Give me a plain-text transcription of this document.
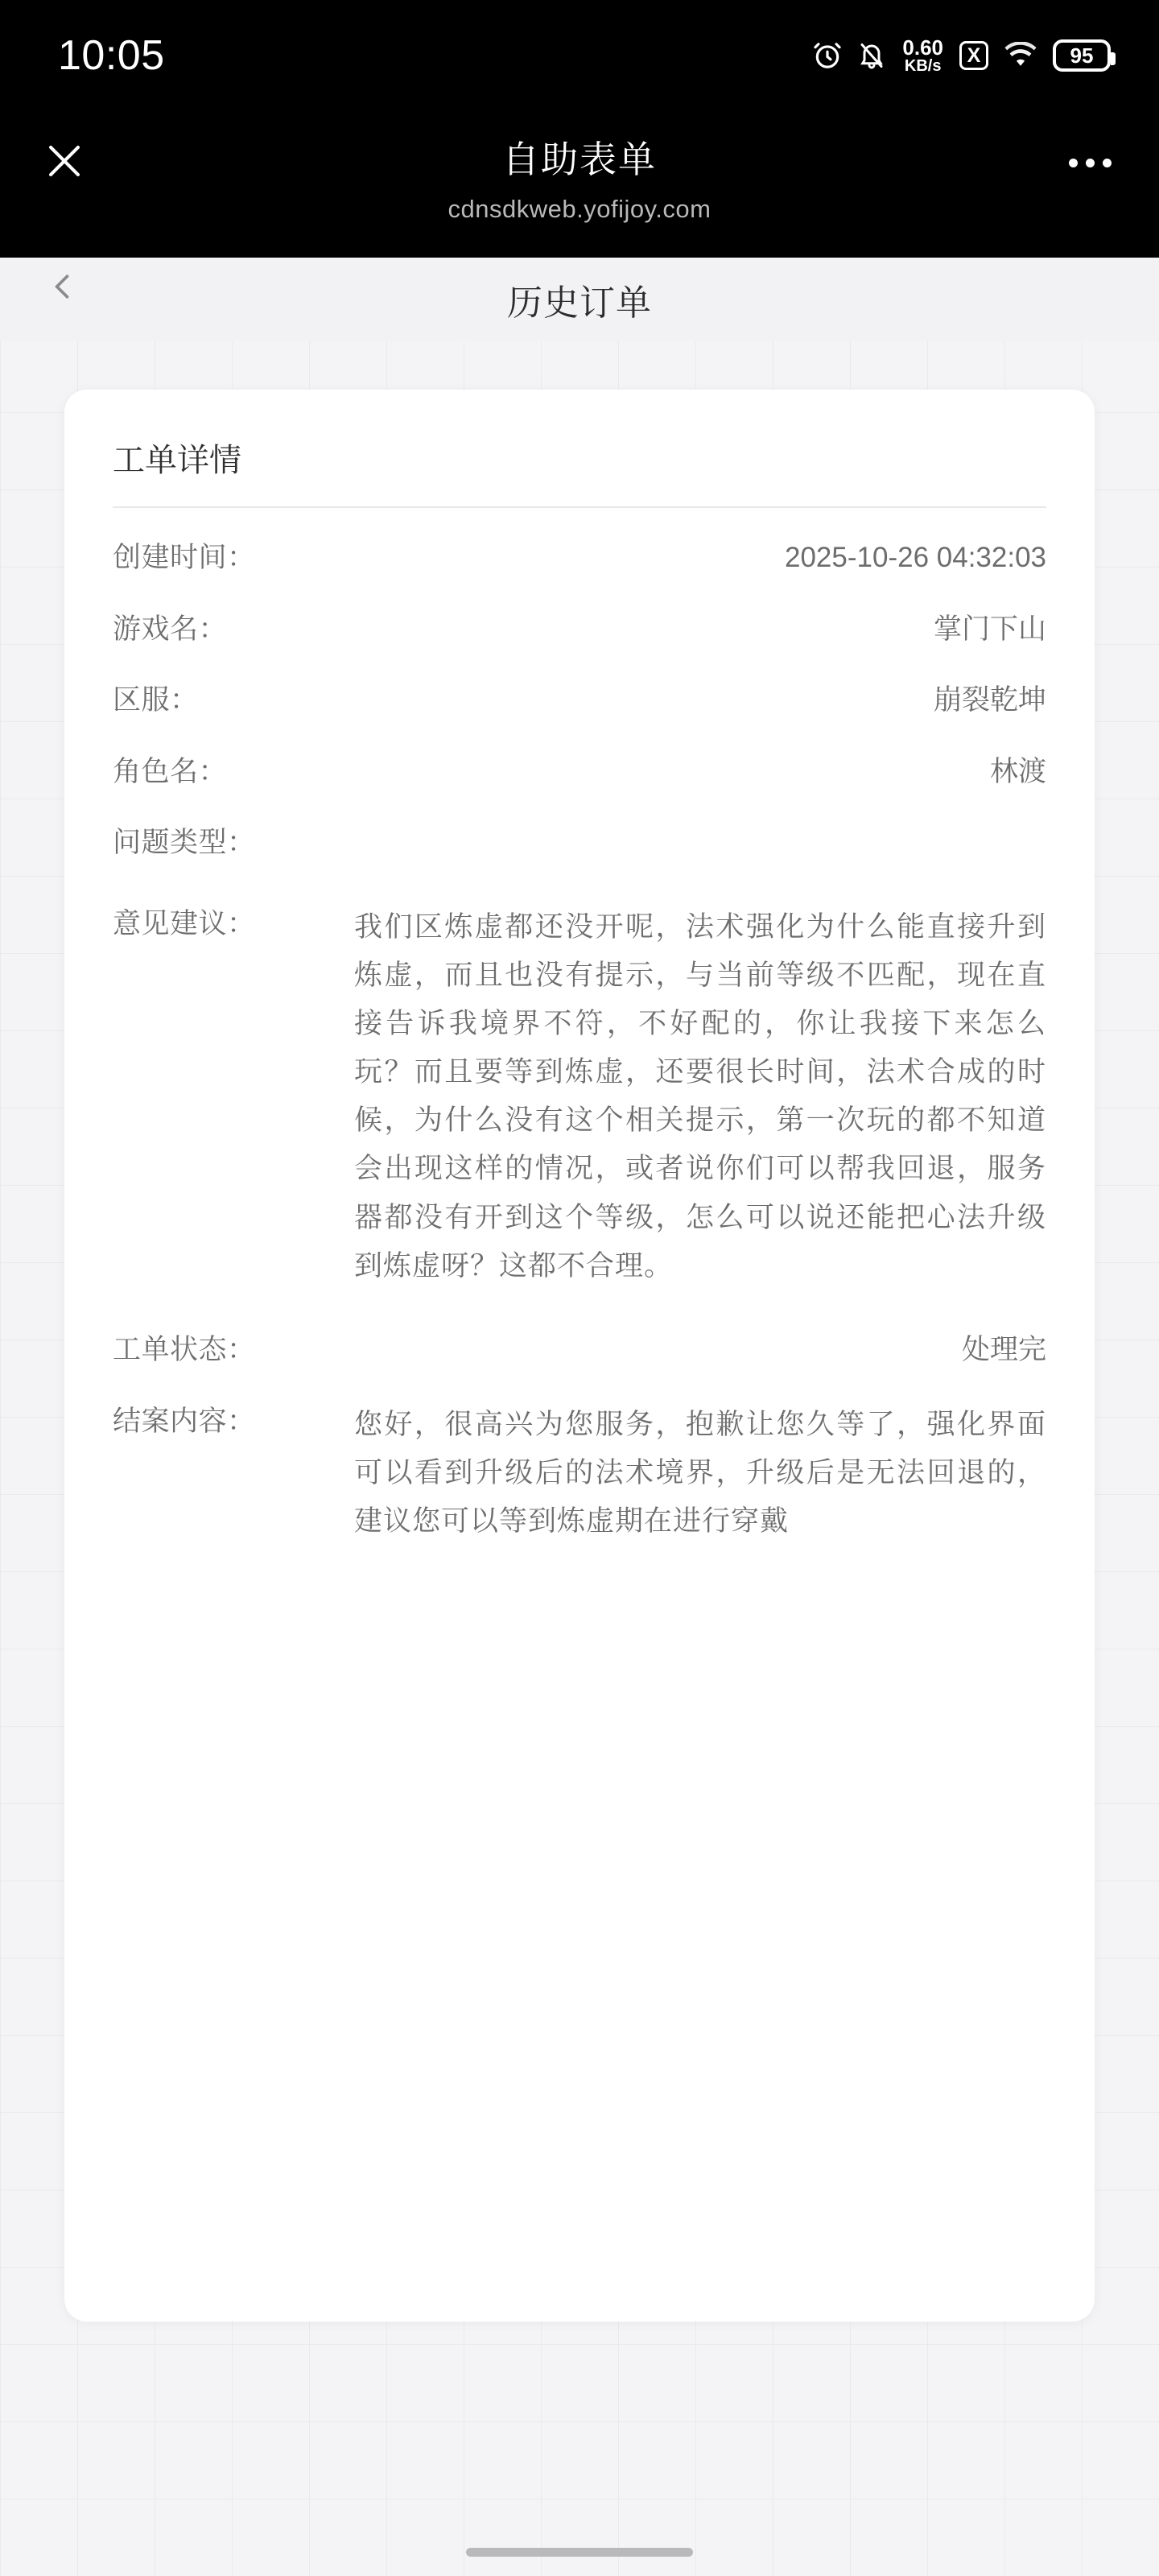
10:05	0.60
KB/s	X	95
自助表单
cdnsdkweb.yofijoy.com
历史订单
工单详情
创建时间：	2025-10-26 04:32:03
游戏名：	掌门下山
区服：	崩裂乾坤
角色名：	林渡
问题类型：
意见建议：	我们区炼虚都还没开呢，法术强化为什么能直接升到炼虚，而且也没有提示，与当前等级不匹配，现在直接告诉我境界不符，不好配的，你让我接下来怎么玩？而且要等到炼虚，还要很长时间，法术合成的时候，为什么没有这个相关提示，第一次玩的都不知道会出现这样的情况，或者说你们可以帮我回退，服务器都没有开到这个等级，怎么可以说还能把心法升级到炼虚呀？这都不合理。
工单状态：	处理完
结案内容：	您好，很高兴为您服务，抱歉让您久等了，强化界面可以看到升级后的法术境界，升级后是无法回退的，建议您可以等到炼虚期在进行穿戴
